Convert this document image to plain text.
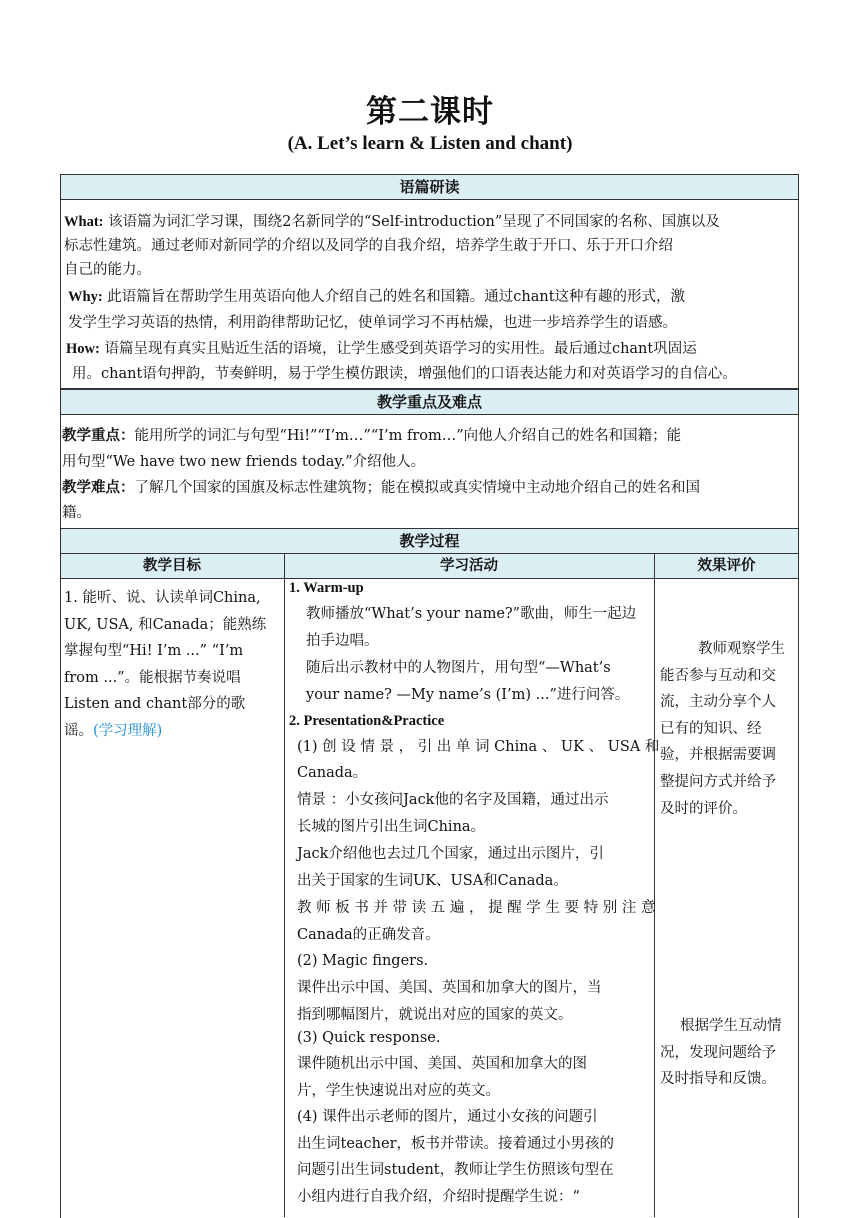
第二课时
(A. Let’s learn & Listen and chant)
语篇研读
What: 该语篇为词汇学习课，围绕2名新同学的“Self-introduction”呈现了不同国家的名称、国旗以及
标志性建筑。通过老师对新同学的介绍以及同学的自我介绍，培养学生敢于开口、乐于开口介绍
自己的能力。
Why: 此语篇旨在帮助学生用英语向他人介绍自己的姓名和国籍。通过chant这种有趣的形式，激
发学生学习英语的热情，利用韵律帮助记忆，使单词学习不再枯燥，也进一步培养学生的语感。
How: 语篇呈现有真实且贴近生活的语境，让学生感受到英语学习的实用性。最后通过chant巩固运
用。chant语句押韵，节奏鲜明，易于学生模仿跟读，增强他们的口语表达能力和对英语学习的自信心。
教学重点及难点
教学重点：能用所学的词汇与句型“Hi!”“I’m…”“I’m from…”向他人介绍自己的姓名和国籍；能
用句型“We have two new friends today.”介绍他人。
教学难点：了解几个国家的国旗及标志性建筑物；能在模拟或真实情境中主动地介绍自己的姓名和国
籍。
教学过程
教学目标	学习活动	效果评价
1. 能听、说、认读单词China,
UK, USA, 和Canada；能熟练
掌握句型“Hi! I’m ...” “I’m
from ...”。能根据节奏说唱
Listen and chant部分的歌
谣。(学习理解)
1. Warm-up
教师播放“What’s your name?”歌曲，师生一起边
拍手边唱。
随后出示教材中的人物图片，用句型“—What’s
your name? —My name’s (I’m) ...”进行问答。
2. Presentation&Practice
(1) 创 设 情 景 ， 引 出 单 词 China 、 UK 、 USA 和
Canada。
情景 ：小女孩问Jack他的名字及国籍，通过出示
长城的图片引出生词China。
Jack介绍他也去过几个国家，通过出示图片，引
出关于国家的生词UK、USA和Canada。
教 师 板 书 并 带 读 五 遍 ， 提 醒 学 生 要 特 别 注 意
Canada的正确发音。
(2) Magic fingers.
课件出示中国、美国、英国和加拿大的图片，当
指到哪幅图片，就说出对应的国家的英文。
(3) Quick response.
课件随机出示中国、美国、英国和加拿大的图
片，学生快速说出对应的英文。
(4) 课件出示老师的图片，通过小女孩的问题引
出生词teacher，板书并带读。接着通过小男孩的
问题引出生词student，教师让学生仿照该句型在
小组内进行自我介绍，介绍时提醒学生说：“
教师观察学生
能否参与互动和交
流，主动分享个人
已有的知识、经
验，并根据需要调
整提问方式并给予
及时的评价。
根据学生互动情
况，发现问题给予
及时指导和反馈。
